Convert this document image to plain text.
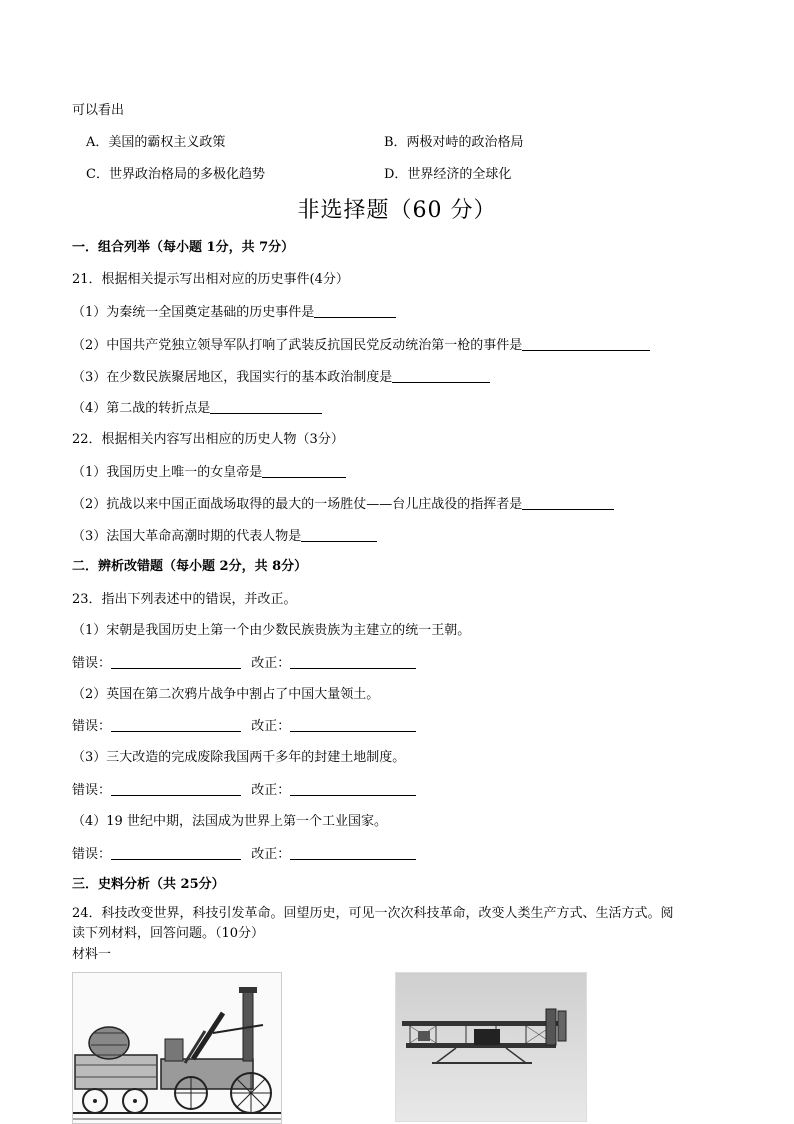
可以看出
A．美国的霸权主义政策	B．两极对峙的政治格局
C．世界政治格局的多极化趋势	D．世界经济的全球化
非选择题（60 分）
一．组合列举（每小题 1分，共 7分）
21．根据相关提示写出相对应的历史事件(4分）
（1）为秦统一全国奠定基础的历史事件是
（2）中国共产党独立领导军队打响了武装反抗国民党反动统治第一枪的事件是
（3）在少数民族聚居地区，我国实行的基本政治制度是
（4）第二战的转折点是
22．根据相关内容写出相应的历史人物（3分）
（1）我国历史上唯一的女皇帝是
（2）抗战以来中国正面战场取得的最大的一场胜仗——台儿庄战役的指挥者是
（3）法国大革命高潮时期的代表人物是
二．辨析改错题（每小题 2分，共 8分）
23．指出下列表述中的错误，并改正。
（1）宋朝是我国历史上第一个由少数民族贵族为主建立的统一王朝。
错误：	改正：
（2）英国在第二次鸦片战争中割占了中国大量领土。
错误：	改正：
（3）三大改造的完成废除我国两千多年的封建土地制度。
错误：	改正：
（4）19 世纪中期，法国成为世界上第一个工业国家。
错误：	改正：
三．史料分析（共 25分）
24．科技改变世界，科技引发革命。回望历史，可见一次次科技革命，改变人类生产方式、生活方式。阅
读下列材料，回答问题。（10分）
材料一
